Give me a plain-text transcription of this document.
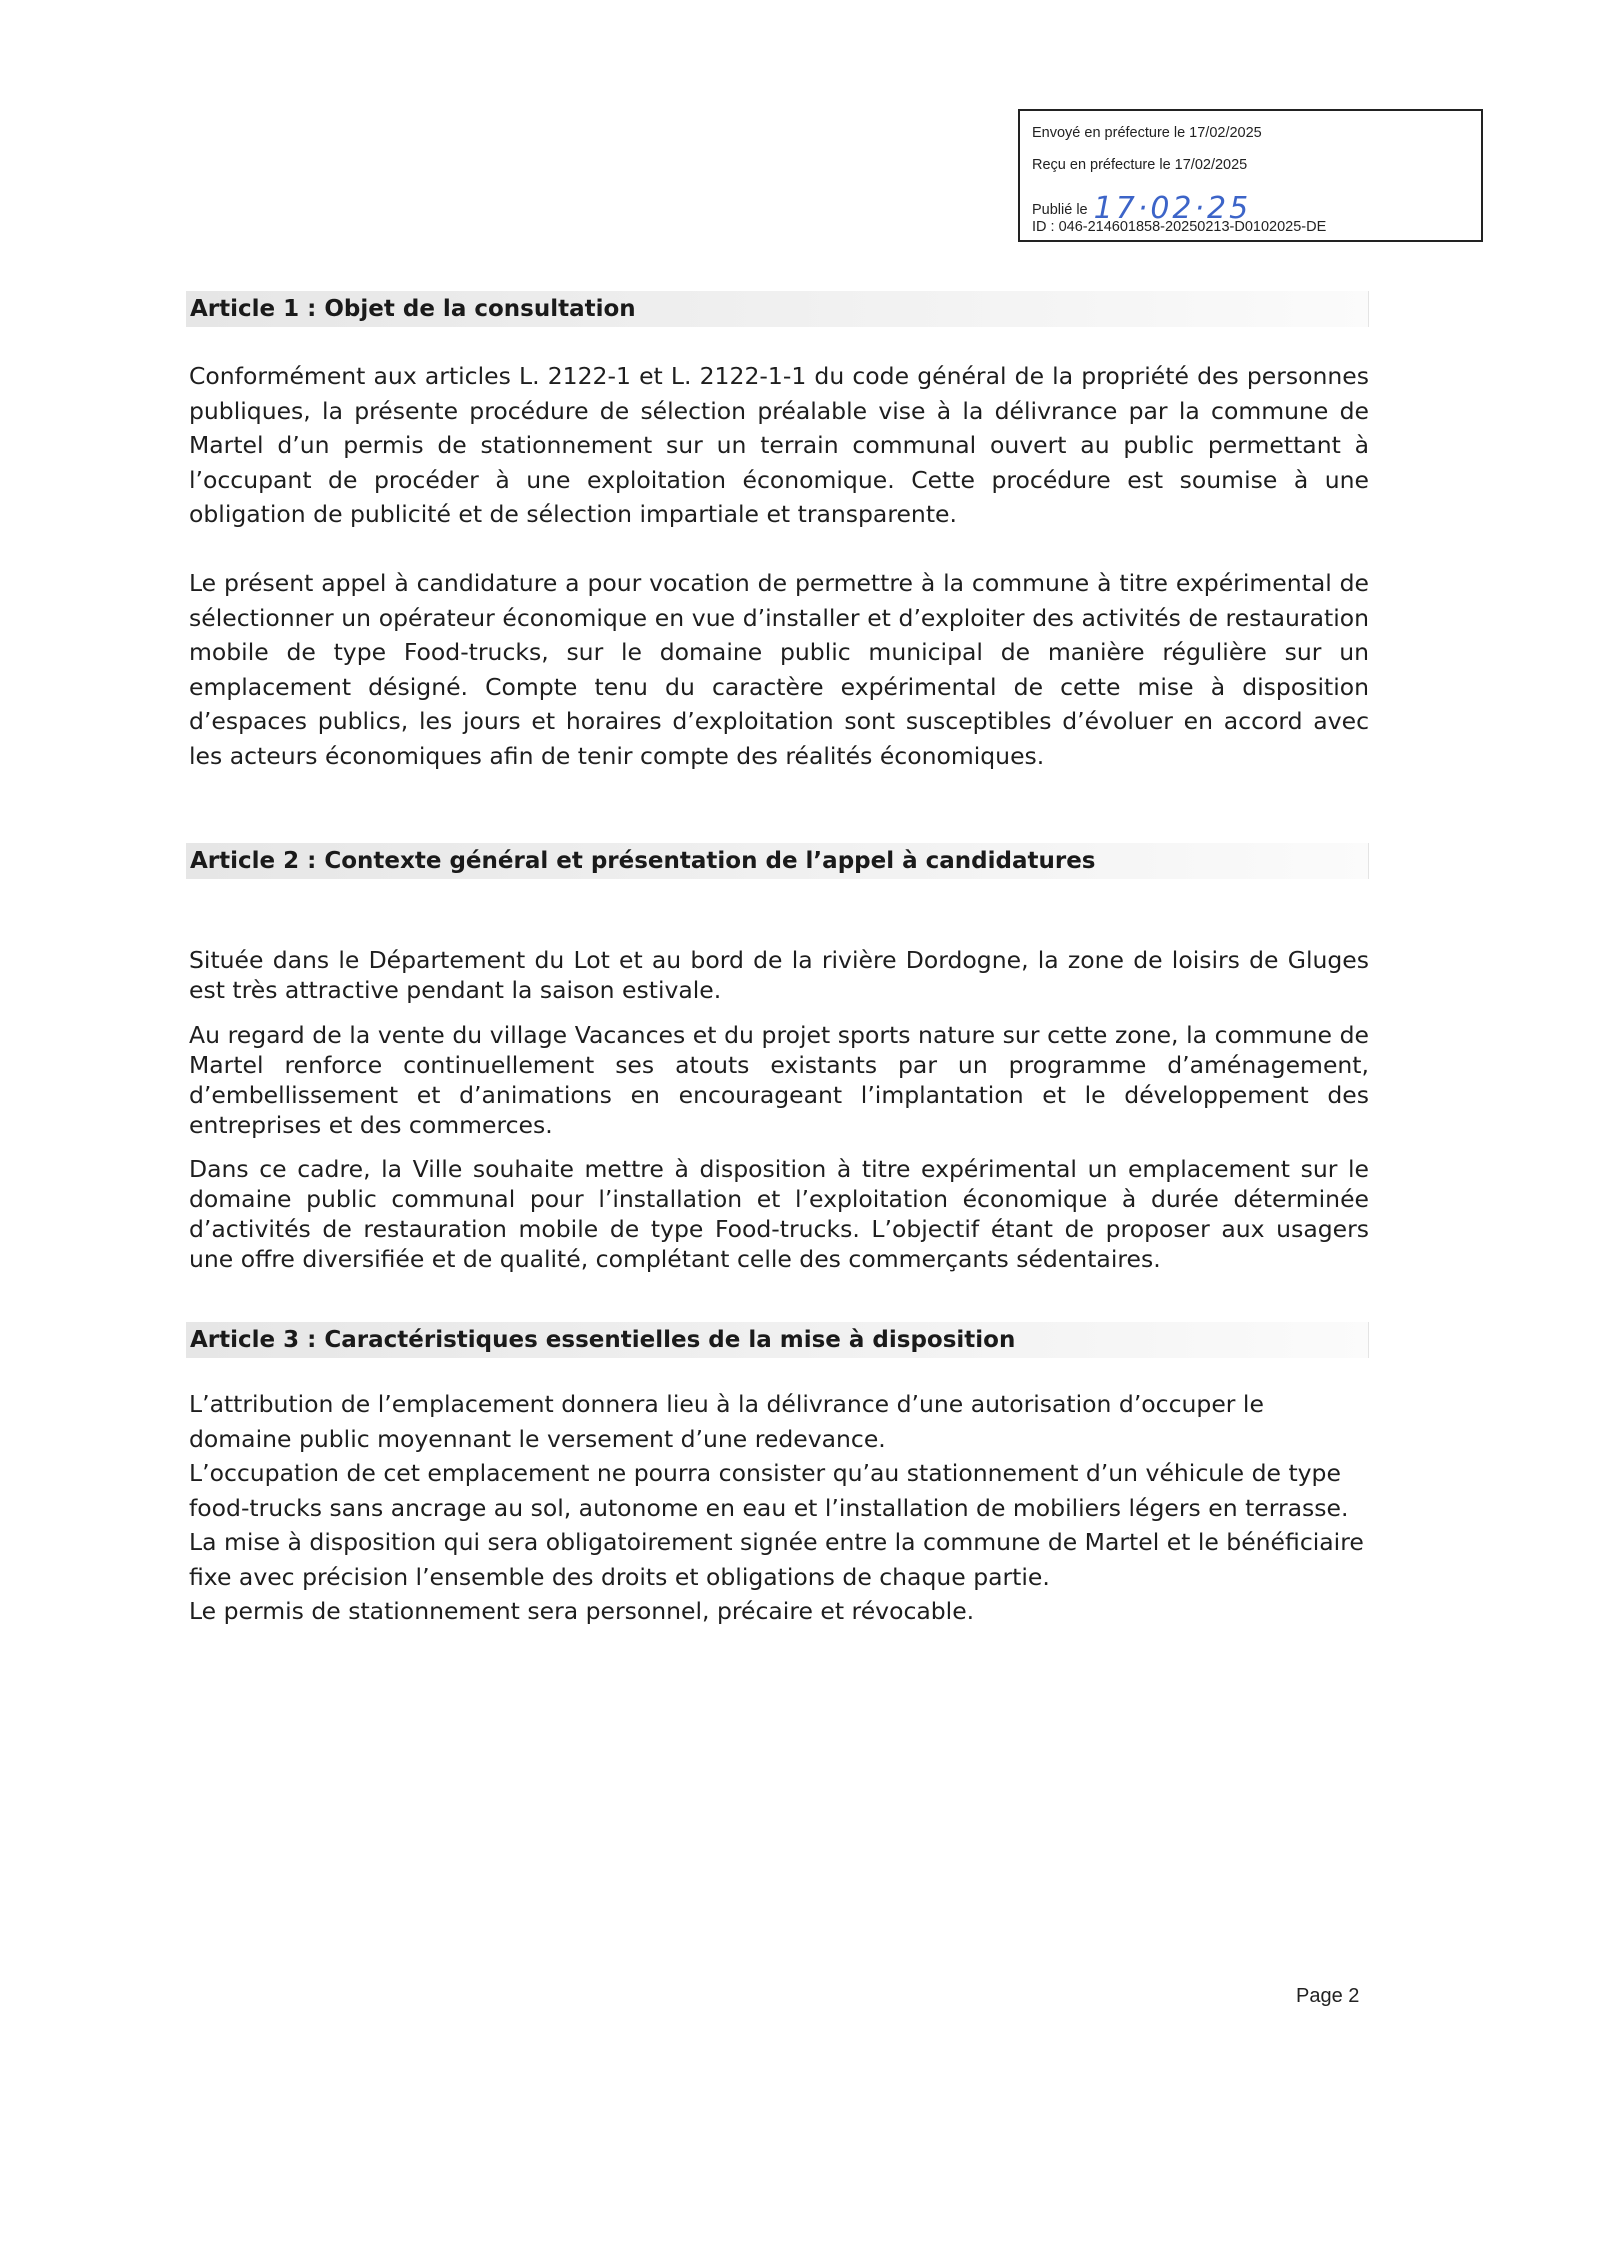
Envoyé en préfecture le 17/02/2025
Reçu en préfecture le 17/02/2025
Publié le 17·02·25
ID : 046-214601858-20250213-D0102025-DE
Article 1 : Objet de la consultation

Conformément aux articles L. 2122-1 et L. 2122-1-1 du code général de la propriété des personnes publiques, la présente procédure de sélection préalable vise à la délivrance par la commune de Martel d’un permis de stationnement sur un terrain communal ouvert au public permettant à l’occupant de procéder à une exploitation économique. Cette procédure est soumise à une obligation de publicité et de sélection impartiale et transparente.

Le présent appel à candidature a pour vocation de permettre à la commune à titre expérimental de sélectionner un opérateur économique en vue d’installer et d’exploiter des activités de restauration mobile de type Food-trucks, sur le domaine public municipal de manière régulière sur un emplacement désigné. Compte tenu du caractère expérimental de cette mise à disposition d’espaces publics, les jours et horaires d’exploitation sont susceptibles d’évoluer en accord avec les acteurs économiques afin de tenir compte des réalités économiques.

Article 2 : Contexte général et présentation de l’appel à candidatures

Située dans le Département du Lot et au bord de la rivière Dordogne, la zone de loisirs de Gluges est très attractive pendant la saison estivale.

Au regard de la vente du village Vacances et du projet sports nature sur cette zone, la commune de Martel renforce continuellement ses atouts existants par un programme d’aménagement, d’embellissement et d’animations en encourageant l’implantation et le développement des entreprises et des commerces.

Dans ce cadre, la Ville souhaite mettre à disposition à titre expérimental un emplacement sur le domaine public communal pour l’installation et l’exploitation économique à durée déterminée d’activités de restauration mobile de type Food-trucks. L’objectif étant de proposer aux usagers une offre diversifiée et de qualité, complétant celle des commerçants sédentaires.

Article 3 : Caractéristiques essentielles de la mise à disposition

L’attribution de l’emplacement donnera lieu à la délivrance d’une autorisation d’occuper le domaine public moyennant le versement d’une redevance.

L’occupation de cet emplacement ne pourra consister qu’au stationnement d’un véhicule de type food-trucks sans ancrage au sol, autonome en eau et l’installation de mobiliers légers en terrasse.

La mise à disposition qui sera obligatoirement signée entre la commune de Martel et le bénéficiaire fixe avec précision l’ensemble des droits et obligations de chaque partie.

Le permis de stationnement sera personnel, précaire et révocable.

Page 2
